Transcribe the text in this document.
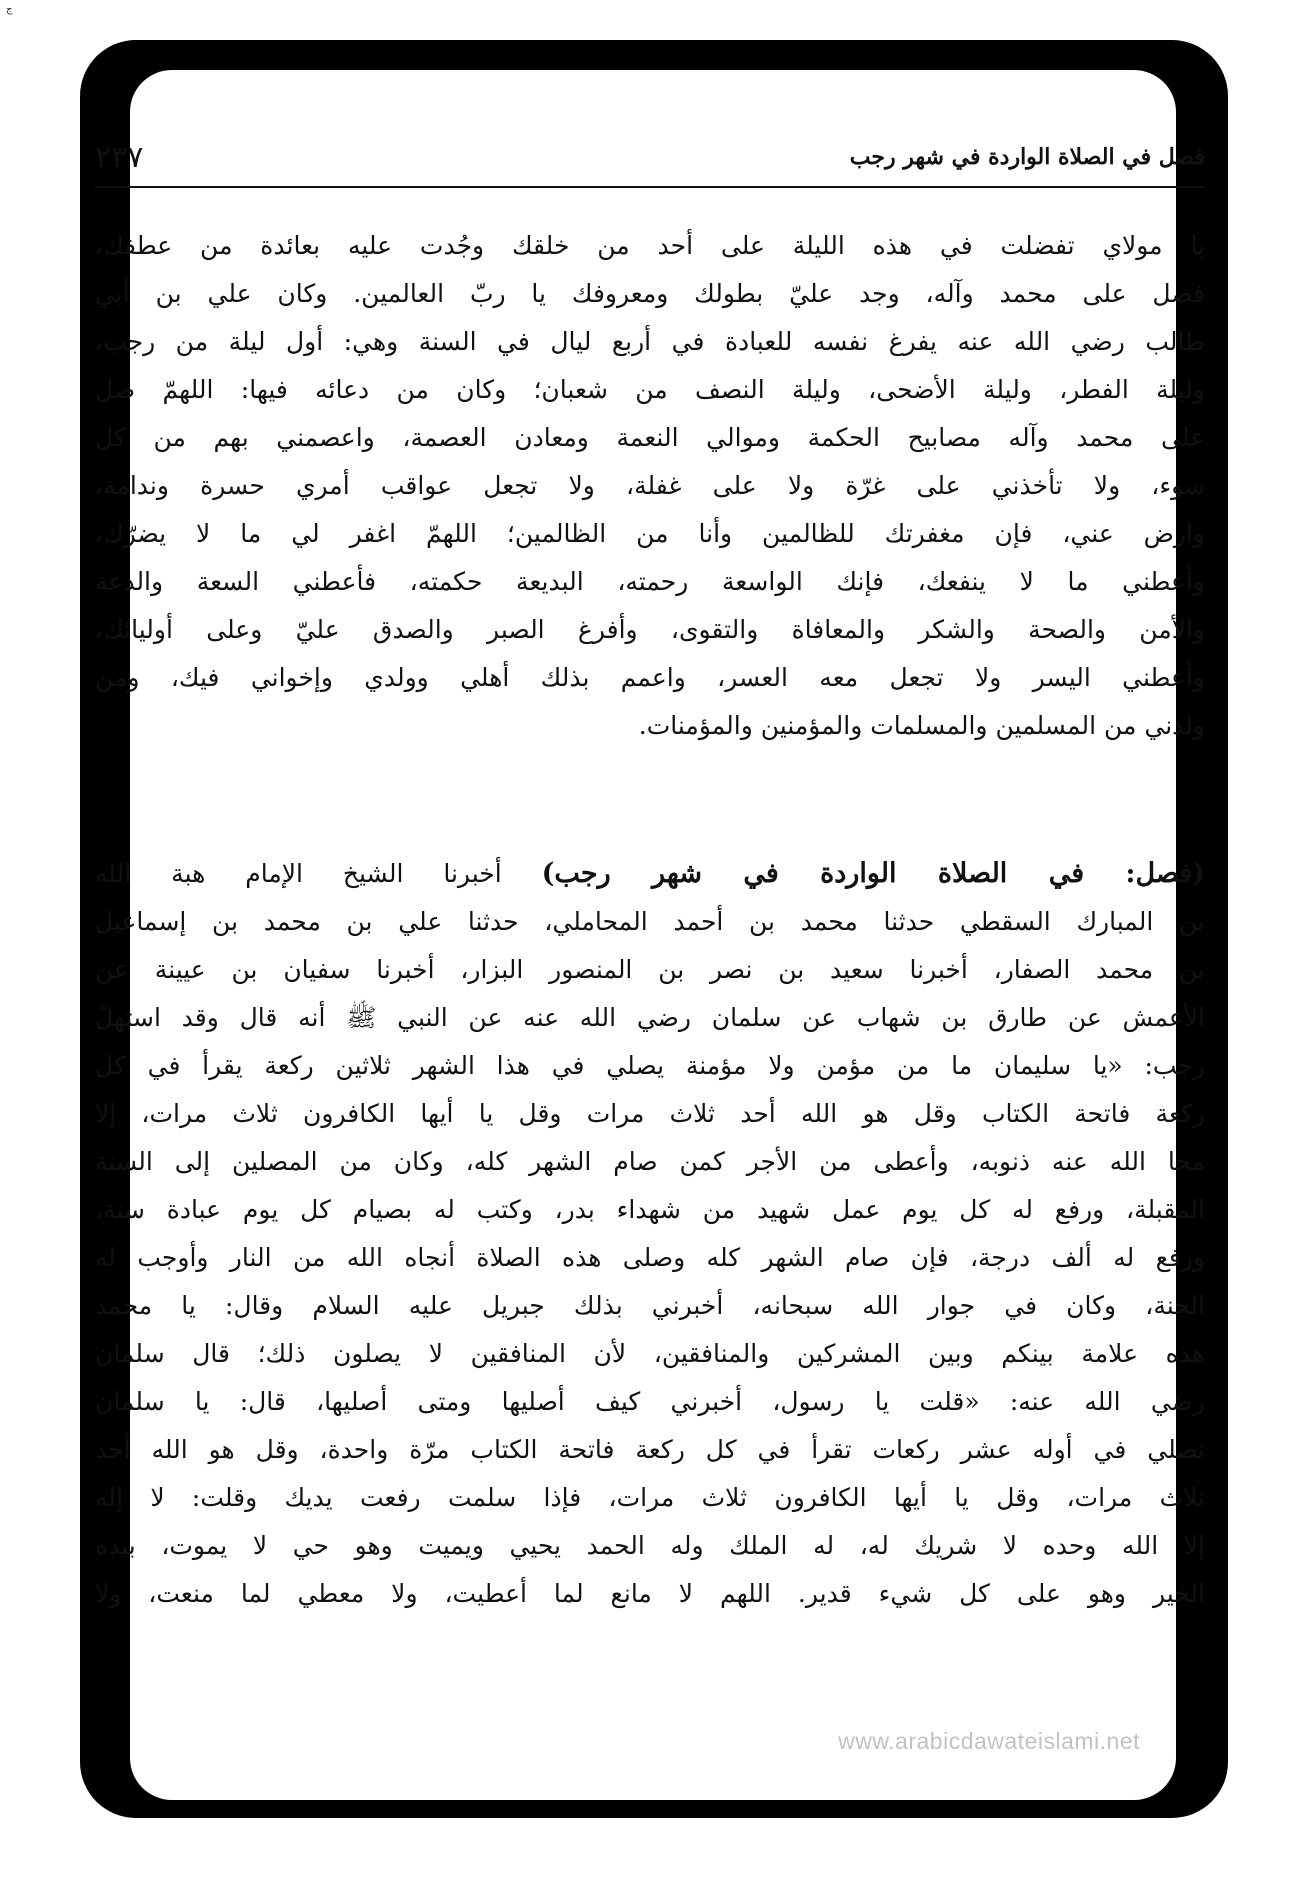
ج
فصل في الصلاة الواردة في شهر رجب
٢٣٧
يا مولاي تفضلت في هذه الليلة على أحد من خلقك وجُدت عليه بعائدة من عطفك،
فصل على محمد وآله، وجد عليّ بطولك ومعروفك يا ربّ العالمين. وكان علي بن أبي
طالب رضي الله عنه يفرغ نفسه للعبادة في أربع ليال في السنة وهي: أول ليلة من رجب،
وليلة الفطر، وليلة الأضحى، وليلة النصف من شعبان؛ وكان من دعائه فيها: اللهمّ صل
على محمد وآله مصابيح الحكمة وموالي النعمة ومعادن العصمة، واعصمني بهم من كل
سوء، ولا تأخذني على غرّة ولا على غفلة، ولا تجعل عواقب أمري حسرة وندامة،
وارض عني، فإن مغفرتك للظالمين وأنا من الظالمين؛ اللهمّ اغفر لي ما لا يضرّك،
وأعطني ما لا ينفعك، فإنك الواسعة رحمته، البديعة حكمته، فأعطني السعة والدعة
والأمن والصحة والشكر والمعافاة والتقوى، وأفرغ الصبر والصدق عليّ وعلى أوليائك،
وأعطني اليسر ولا تجعل معه العسر، واعمم بذلك أهلي وولدي وإخواني فيك، ومن
ولدني من المسلمين والمسلمات والمؤمنين والمؤمنات.
(فصل: في الصلاة الواردة في شهر رجب) أخبرنا الشيخ الإمام هبة الله
بن المبارك السقطي حدثنا محمد بن أحمد المحاملي، حدثنا علي بن محمد بن إسماعيل
بن محمد الصفار، أخبرنا سعيد بن نصر بن المنصور البزار، أخبرنا سفيان بن عيينة عن
الأعمش عن طارق بن شهاب عن سلمان رضي الله عنه عن النبي ﷺ أنه قال وقد استهلّ
رجب: «يا سليمان ما من مؤمن ولا مؤمنة يصلي في هذا الشهر ثلاثين ركعة يقرأ في كل
ركعة فاتحة الكتاب وقل هو الله أحد ثلاث مرات وقل يا أيها الكافرون ثلاث مرات، إلا
محا الله عنه ذنوبه، وأعطى من الأجر كمن صام الشهر كله، وكان من المصلين إلى السنة
المقبلة، ورفع له كل يوم عمل شهيد من شهداء بدر، وكتب له بصيام كل يوم عبادة سنة،
ورفع له ألف درجة، فإن صام الشهر كله وصلى هذه الصلاة أنجاه الله من النار وأوجب له
الجنة، وكان في جوار الله سبحانه، أخبرني بذلك جبريل عليه السلام وقال: يا محمد
هذه علامة بينكم وبين المشركين والمنافقين، لأن المنافقين لا يصلون ذلك؛ قال سلمان
رضي الله عنه: «قلت يا رسول، أخبرني كيف أصليها ومتى أصليها، قال: يا سلمان
تصلي في أوله عشر ركعات تقرأ في كل ركعة فاتحة الكتاب مرّة واحدة، وقل هو الله أحد
ثلاث مرات، وقل يا أيها الكافرون ثلاث مرات، فإذا سلمت رفعت يديك وقلت: لا إله
إلا الله وحده لا شريك له، له الملك وله الحمد يحيي ويميت وهو حي لا يموت، بيده
الخير وهو على كل شيء قدير. اللهم لا مانع لما أعطيت، ولا معطي لما منعت، ولا
www.arabicdawateislami.net
